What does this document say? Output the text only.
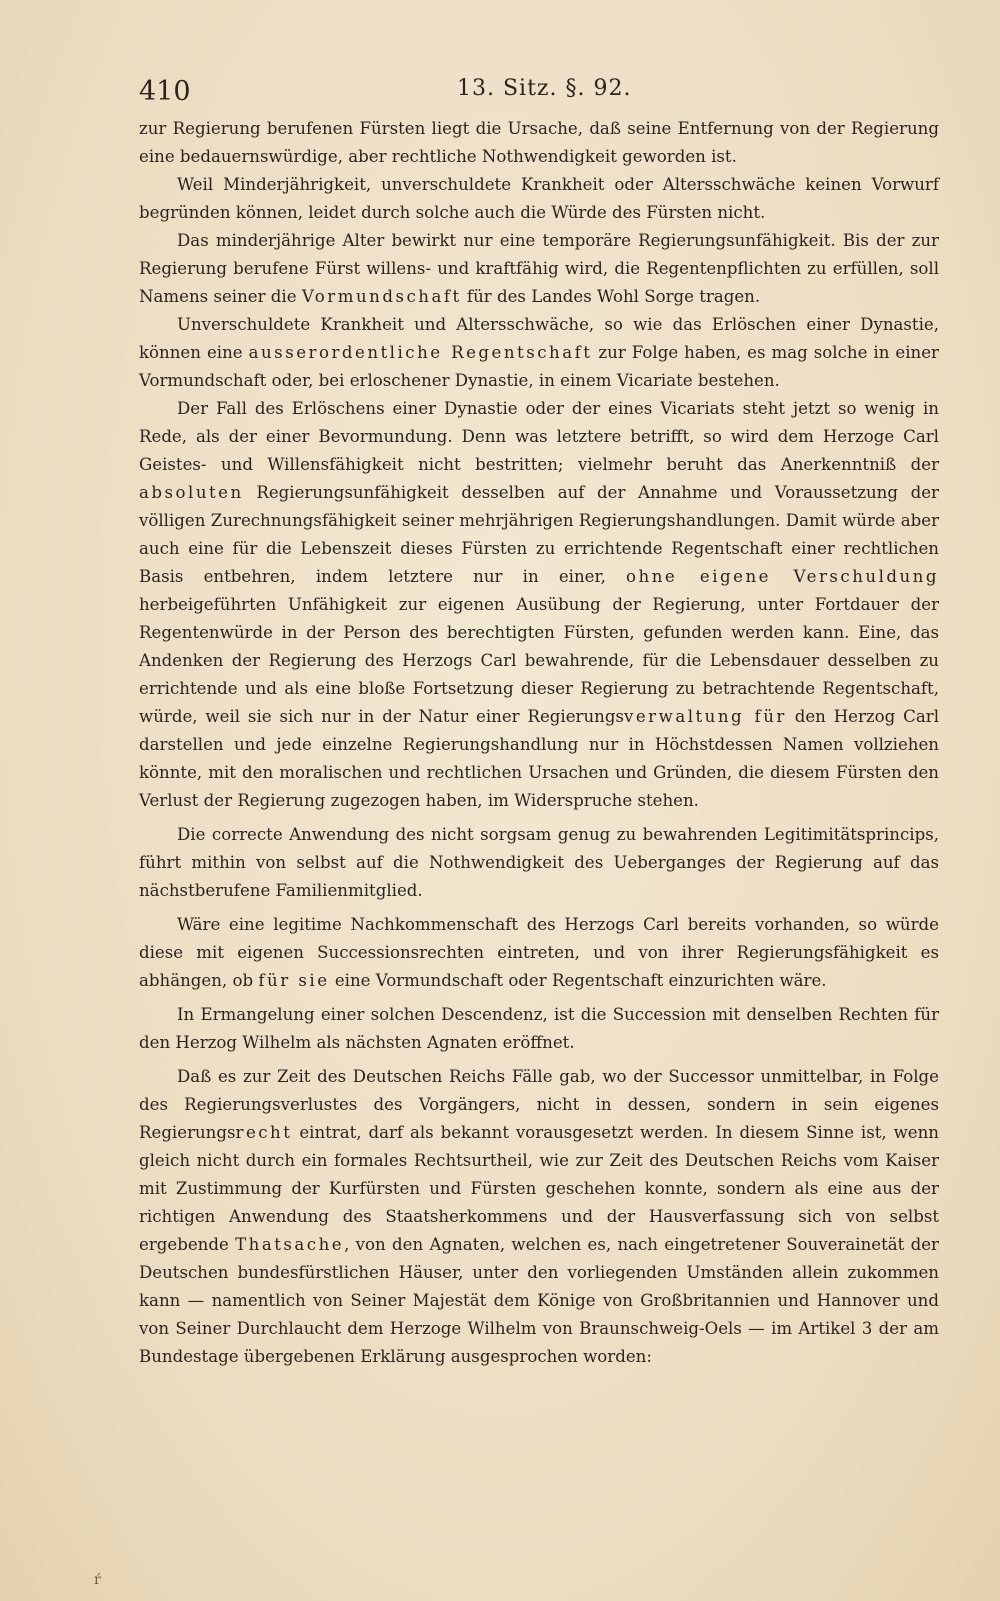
410	13. Sitz. §. 92.

zur Regierung berufenen Fürsten liegt die Ursache, daß seine Entfernung von der Regierung eine bedauernswürdige, aber rechtliche Nothwendigkeit geworden ist.

Weil Minderjährigkeit, unverschuldete Krankheit oder Altersschwäche keinen Vorwurf begründen können, leidet durch solche auch die Würde des Fürsten nicht.

Das minderjährige Alter bewirkt nur eine temporäre Regierungsunfähigkeit. Bis der zur Regierung berufene Fürst willens- und kraftfähig wird, die Regentenpflichten zu erfüllen, soll Namens seiner die Vormundschaft für des Landes Wohl Sorge tragen.

Unverschuldete Krankheit und Altersschwäche, so wie das Erlöschen einer Dynastie, können eine ausserordentliche Regentschaft zur Folge haben, es mag solche in einer Vormundschaft oder, bei erloschener Dynastie, in einem Vicariate bestehen.

Der Fall des Erlöschens einer Dynastie oder der eines Vicariats steht jetzt so wenig in Rede, als der einer Bevormundung. Denn was letztere betrifft, so wird dem Herzoge Carl Geistes- und Willensfähigkeit nicht bestritten; vielmehr beruht das Anerkenntniß der absoluten Regierungsunfähigkeit desselben auf der Annahme und Voraussetzung der völligen Zurechnungsfähigkeit seiner mehrjährigen Regierungshandlungen. Damit würde aber auch eine für die Lebenszeit dieses Fürsten zu errichtende Regentschaft einer rechtlichen Basis entbehren, indem letztere nur in einer, ohne eigene Verschuldung herbeigeführten Unfähigkeit zur eigenen Ausübung der Regierung, unter Fortdauer der Regentenwürde in der Person des berechtigten Fürsten, gefunden werden kann. Eine, das Andenken der Regierung des Herzogs Carl bewahrende, für die Lebensdauer desselben zu errichtende und als eine bloße Fortsetzung dieser Regierung zu betrachtende Regentschaft, würde, weil sie sich nur in der Natur einer Regierungsverwaltung für den Herzog Carl darstellen und jede einzelne Regierungshandlung nur in Höchstdessen Namen vollziehen könnte, mit den moralischen und rechtlichen Ursachen und Gründen, die diesem Fürsten den Verlust der Regierung zugezogen haben, im Widerspruche stehen.

Die correcte Anwendung des nicht sorgsam genug zu bewahrenden Legitimitätsprincips, führt mithin von selbst auf die Nothwendigkeit des Ueberganges der Regierung auf das nächstberufene Familienmitglied.

Wäre eine legitime Nachkommenschaft des Herzogs Carl bereits vorhanden, so würde diese mit eigenen Successionsrechten eintreten, und von ihrer Regierungsfähigkeit es abhängen, ob für sie eine Vormundschaft oder Regentschaft einzurichten wäre.

In Ermangelung einer solchen Descendenz, ist die Succession mit denselben Rechten für den Herzog Wilhelm als nächsten Agnaten eröffnet.

Daß es zur Zeit des Deutschen Reichs Fälle gab, wo der Successor unmittelbar, in Folge des Regierungsverlustes des Vorgängers, nicht in dessen, sondern in sein eigenes Regierungsrecht eintrat, darf als bekannt vorausgesetzt werden. In diesem Sinne ist, wenn gleich nicht durch ein formales Rechtsurtheil, wie zur Zeit des Deutschen Reichs vom Kaiser mit Zustimmung der Kurfürsten und Fürsten geschehen konnte, sondern als eine aus der richtigen Anwendung des Staatsherkommens und der Hausverfassung sich von selbst ergebende Thatsache, von den Agnaten, welchen es, nach eingetretener Souverainetät der Deutschen bundesfürstlichen Häuser, unter den vorliegenden Umständen allein zukommen kann — namentlich von Seiner Majestät dem Könige von Großbritannien und Hannover und von Seiner Durchlaucht dem Herzoge Wilhelm von Braunschweig-Oels — im Artikel 3 der am Bundestage übergebenen Erklärung ausgesprochen worden:

ŕ
